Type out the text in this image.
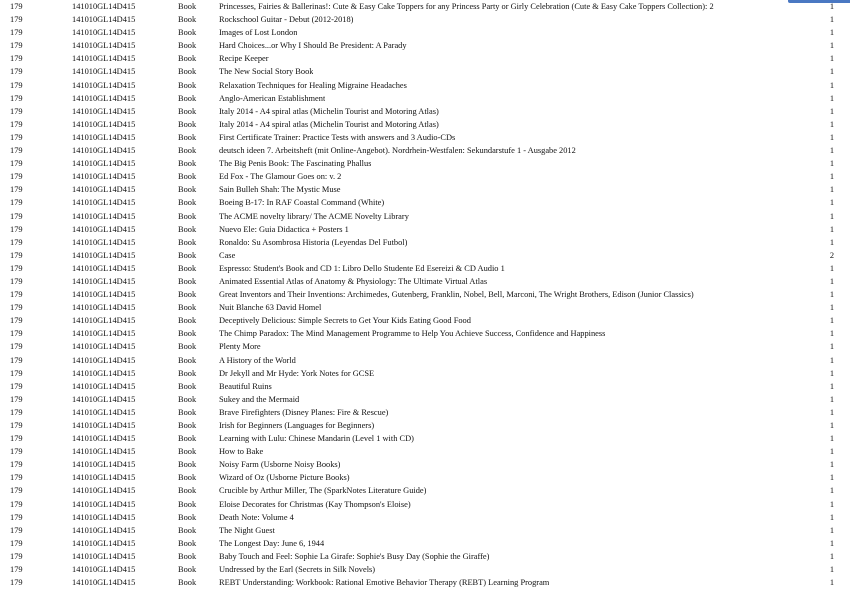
179	141010GL14D415	Book	Princesses, Fairies & Ballerinas!: Cute & Easy Cake Toppers for any Princess Party or Girly Celebration (Cute & Easy Cake Toppers Collection): 2	1
179	141010GL14D415	Book	Rockschool Guitar - Debut (2012-2018)	1
179	141010GL14D415	Book	Images of Lost London	1
179	141010GL14D415	Book	Hard Choices...or Why I Should Be President: A Parady	1
179	141010GL14D415	Book	Recipe Keeper	1
179	141010GL14D415	Book	The New Social Story Book	1
179	141010GL14D415	Book	Relaxation Techniques for Healing Migraine Headaches	1
179	141010GL14D415	Book	Anglo-American Establishment	1
179	141010GL14D415	Book	Italy 2014 - A4 spiral atlas (Michelin Tourist and Motoring Atlas)	1
179	141010GL14D415	Book	Italy 2014 - A4 spiral atlas (Michelin Tourist and Motoring Atlas)	1
179	141010GL14D415	Book	First Certificate Trainer: Practice Tests with answers and 3 Audio-CDs	1
179	141010GL14D415	Book	deutsch ideen 7. Arbeitsheft (mit Online-Angebot). Nordrhein-Westfalen: Sekundarstufe 1 - Ausgabe 2012	1
179	141010GL14D415	Book	The Big Penis Book: The Fascinating Phallus	1
179	141010GL14D415	Book	Ed Fox - The Glamour Goes on: v. 2	1
179	141010GL14D415	Book	Sain Bulleh Shah: The Mystic Muse	1
179	141010GL14D415	Book	Boeing B-17: In RAF Coastal Command (White)	1
179	141010GL14D415	Book	The ACME novelty library/ The ACME Novelty Library	1
179	141010GL14D415	Book	Nuevo Ele: Guia Didactica + Posters 1	1
179	141010GL14D415	Book	Ronaldo: Su Asombrosa Historia (Leyendas Del Futbol)	1
179	141010GL14D415	Book	Case	2
179	141010GL14D415	Book	Espresso: Student's Book and CD 1: Libro Dello Studente Ed Esereizi & CD Audio 1	1
179	141010GL14D415	Book	Animated Essential Atlas of Anatomy & Physiology: The Ultimate Virtual Atlas	1
179	141010GL14D415	Book	Great Inventors and Their Inventions: Archimedes, Gutenberg, Franklin, Nobel, Bell, Marconi, The Wright Brothers, Edison (Junior Classics)	1
179	141010GL14D415	Book	Nuit Blanche 63 David Homel	1
179	141010GL14D415	Book	Deceptively Delicious: Simple Secrets to Get Your Kids Eating Good Food	1
179	141010GL14D415	Book	The Chimp Paradox: The Mind Management Programme to Help You Achieve Success, Confidence and Happiness	1
179	141010GL14D415	Book	Plenty More	1
179	141010GL14D415	Book	A History of the World	1
179	141010GL14D415	Book	Dr Jekyll and Mr Hyde: York Notes for GCSE	1
179	141010GL14D415	Book	Beautiful Ruins	1
179	141010GL14D415	Book	Sukey and the Mermaid	1
179	141010GL14D415	Book	Brave Firefighters (Disney Planes: Fire & Rescue)	1
179	141010GL14D415	Book	Irish for Beginners (Languages for Beginners)	1
179	141010GL14D415	Book	Learning with Lulu: Chinese Mandarin (Level 1 with CD)	1
179	141010GL14D415	Book	How to Bake	1
179	141010GL14D415	Book	Noisy Farm (Usborne Noisy Books)	1
179	141010GL14D415	Book	Wizard of Oz (Usborne Picture Books)	1
179	141010GL14D415	Book	Crucible by Arthur Miller, The (SparkNotes Literature Guide)	1
179	141010GL14D415	Book	Eloise Decorates for Christmas (Kay Thompson's Eloise)	1
179	141010GL14D415	Book	Death Note: Volume 4	1
179	141010GL14D415	Book	The Night Guest	1
179	141010GL14D415	Book	The Longest Day: June 6, 1944	1
179	141010GL14D415	Book	Baby Touch and Feel: Sophie La Girafe: Sophie's Busy Day (Sophie the Giraffe)	1
179	141010GL14D415	Book	Undressed by the Earl (Secrets in Silk Novels)	1
179	141010GL14D415	Book	REBT Understanding: Workbook: Rational Emotive Behavior Therapy (REBT) Learning Program	1
